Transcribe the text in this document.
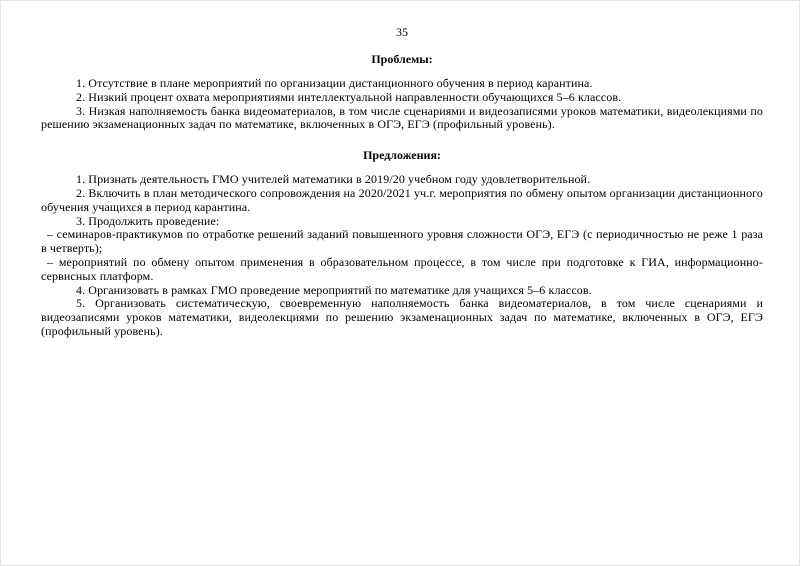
35
Проблемы:

1. Отсутствие в плане мероприятий по организации дистанционного обучения в период карантина.

2. Низкий процент охвата мероприятиями интеллектуальной направленности обучающихся 5–6 классов.

3. Низкая наполняемость банка видеоматериалов, в том числе сценариями и видеозаписями уроков математики, видеолекциями по решению экзаменационных задач по математике, включенных в ОГЭ, ЕГЭ (профильный уровень).

Предложения:

1. Признать деятельность ГМО учителей математики в 2019/20 учебном году удовлетворительной.

2. Включить в план методического сопровождения на 2020/2021 уч.г. мероприятия по обмену опытом организации дистанционного обучения учащихся в период карантина.

3. Продолжить проведение:

– семинаров-практикумов по отработке решений заданий повышенного уровня сложности ОГЭ, ЕГЭ (с периодичностью не реже 1 раза в четверть);

– мероприятий по обмену опытом применения в образовательном процессе, в том числе при подготовке к ГИА, информационно-сервисных платформ.

4. Организовать в рамках ГМО проведение мероприятий по математике для учащихся 5–6 классов.

5. Организовать систематическую, своевременную наполняемость банка видеоматериалов, в том числе сценариями и видеозаписями уроков математики, видеолекциями по решению экзаменационных задач по математике, включенных в ОГЭ, ЕГЭ (профильный уровень).
